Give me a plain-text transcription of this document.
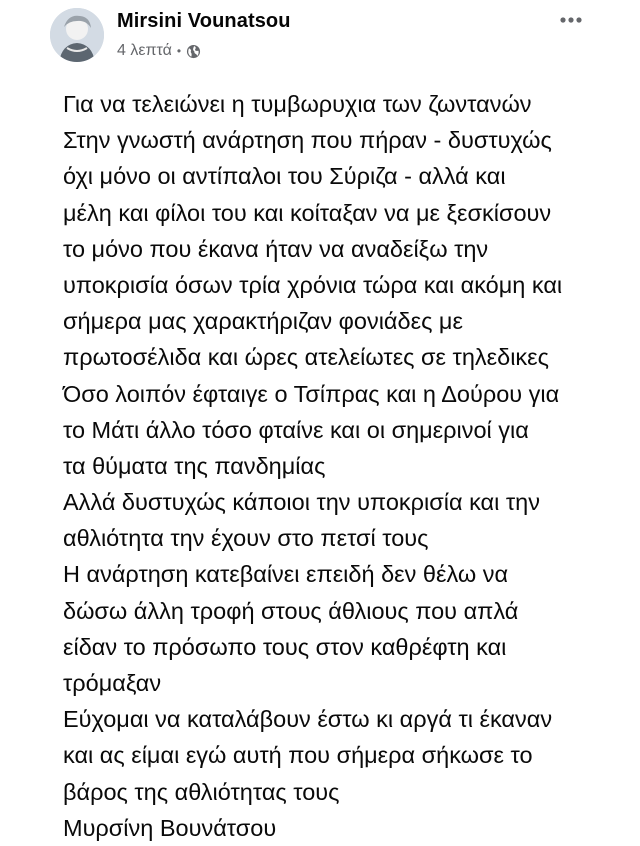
Mirsini Vounatsou
4 λεπτά •
Για να τελειώνει η τυμβωρυχια των ζωντανών
Στην γνωστή ανάρτηση που πήραν - δυστυχώς
όχι μόνο οι αντίπαλοι του Σύριζα - αλλά και
μέλη και φίλοι του και κοίταξαν να με ξεσκίσουν
το μόνο που έκανα ήταν να αναδείξω την
υποκρισία όσων τρία χρόνια τώρα και ακόμη και
σήμερα μας χαρακτήριζαν φονιάδες με
πρωτοσέλιδα και ώρες ατελείωτες σε τηλεδικες
Όσο λοιπόν έφταιγε ο Τσίπρας και η Δούρου για
το Μάτι άλλο τόσο φταίνε και οι σημερινοί για
τα θύματα της πανδημίας
Αλλά δυστυχώς κάποιοι την υποκρισία και την
αθλιότητα την έχουν στο πετσί τους
Η ανάρτηση κατεβαίνει επειδή δεν θέλω να
δώσω άλλη τροφή στους άθλιους που απλά
είδαν το πρόσωπο τους στον καθρέφτη και
τρόμαξαν
Εύχομαι να καταλάβουν έστω κι αργά τι έκαναν
και ας είμαι εγώ αυτή που σήμερα σήκωσε το
βάρος της αθλιότητας τους
Μυρσίνη Βουνάτσου
